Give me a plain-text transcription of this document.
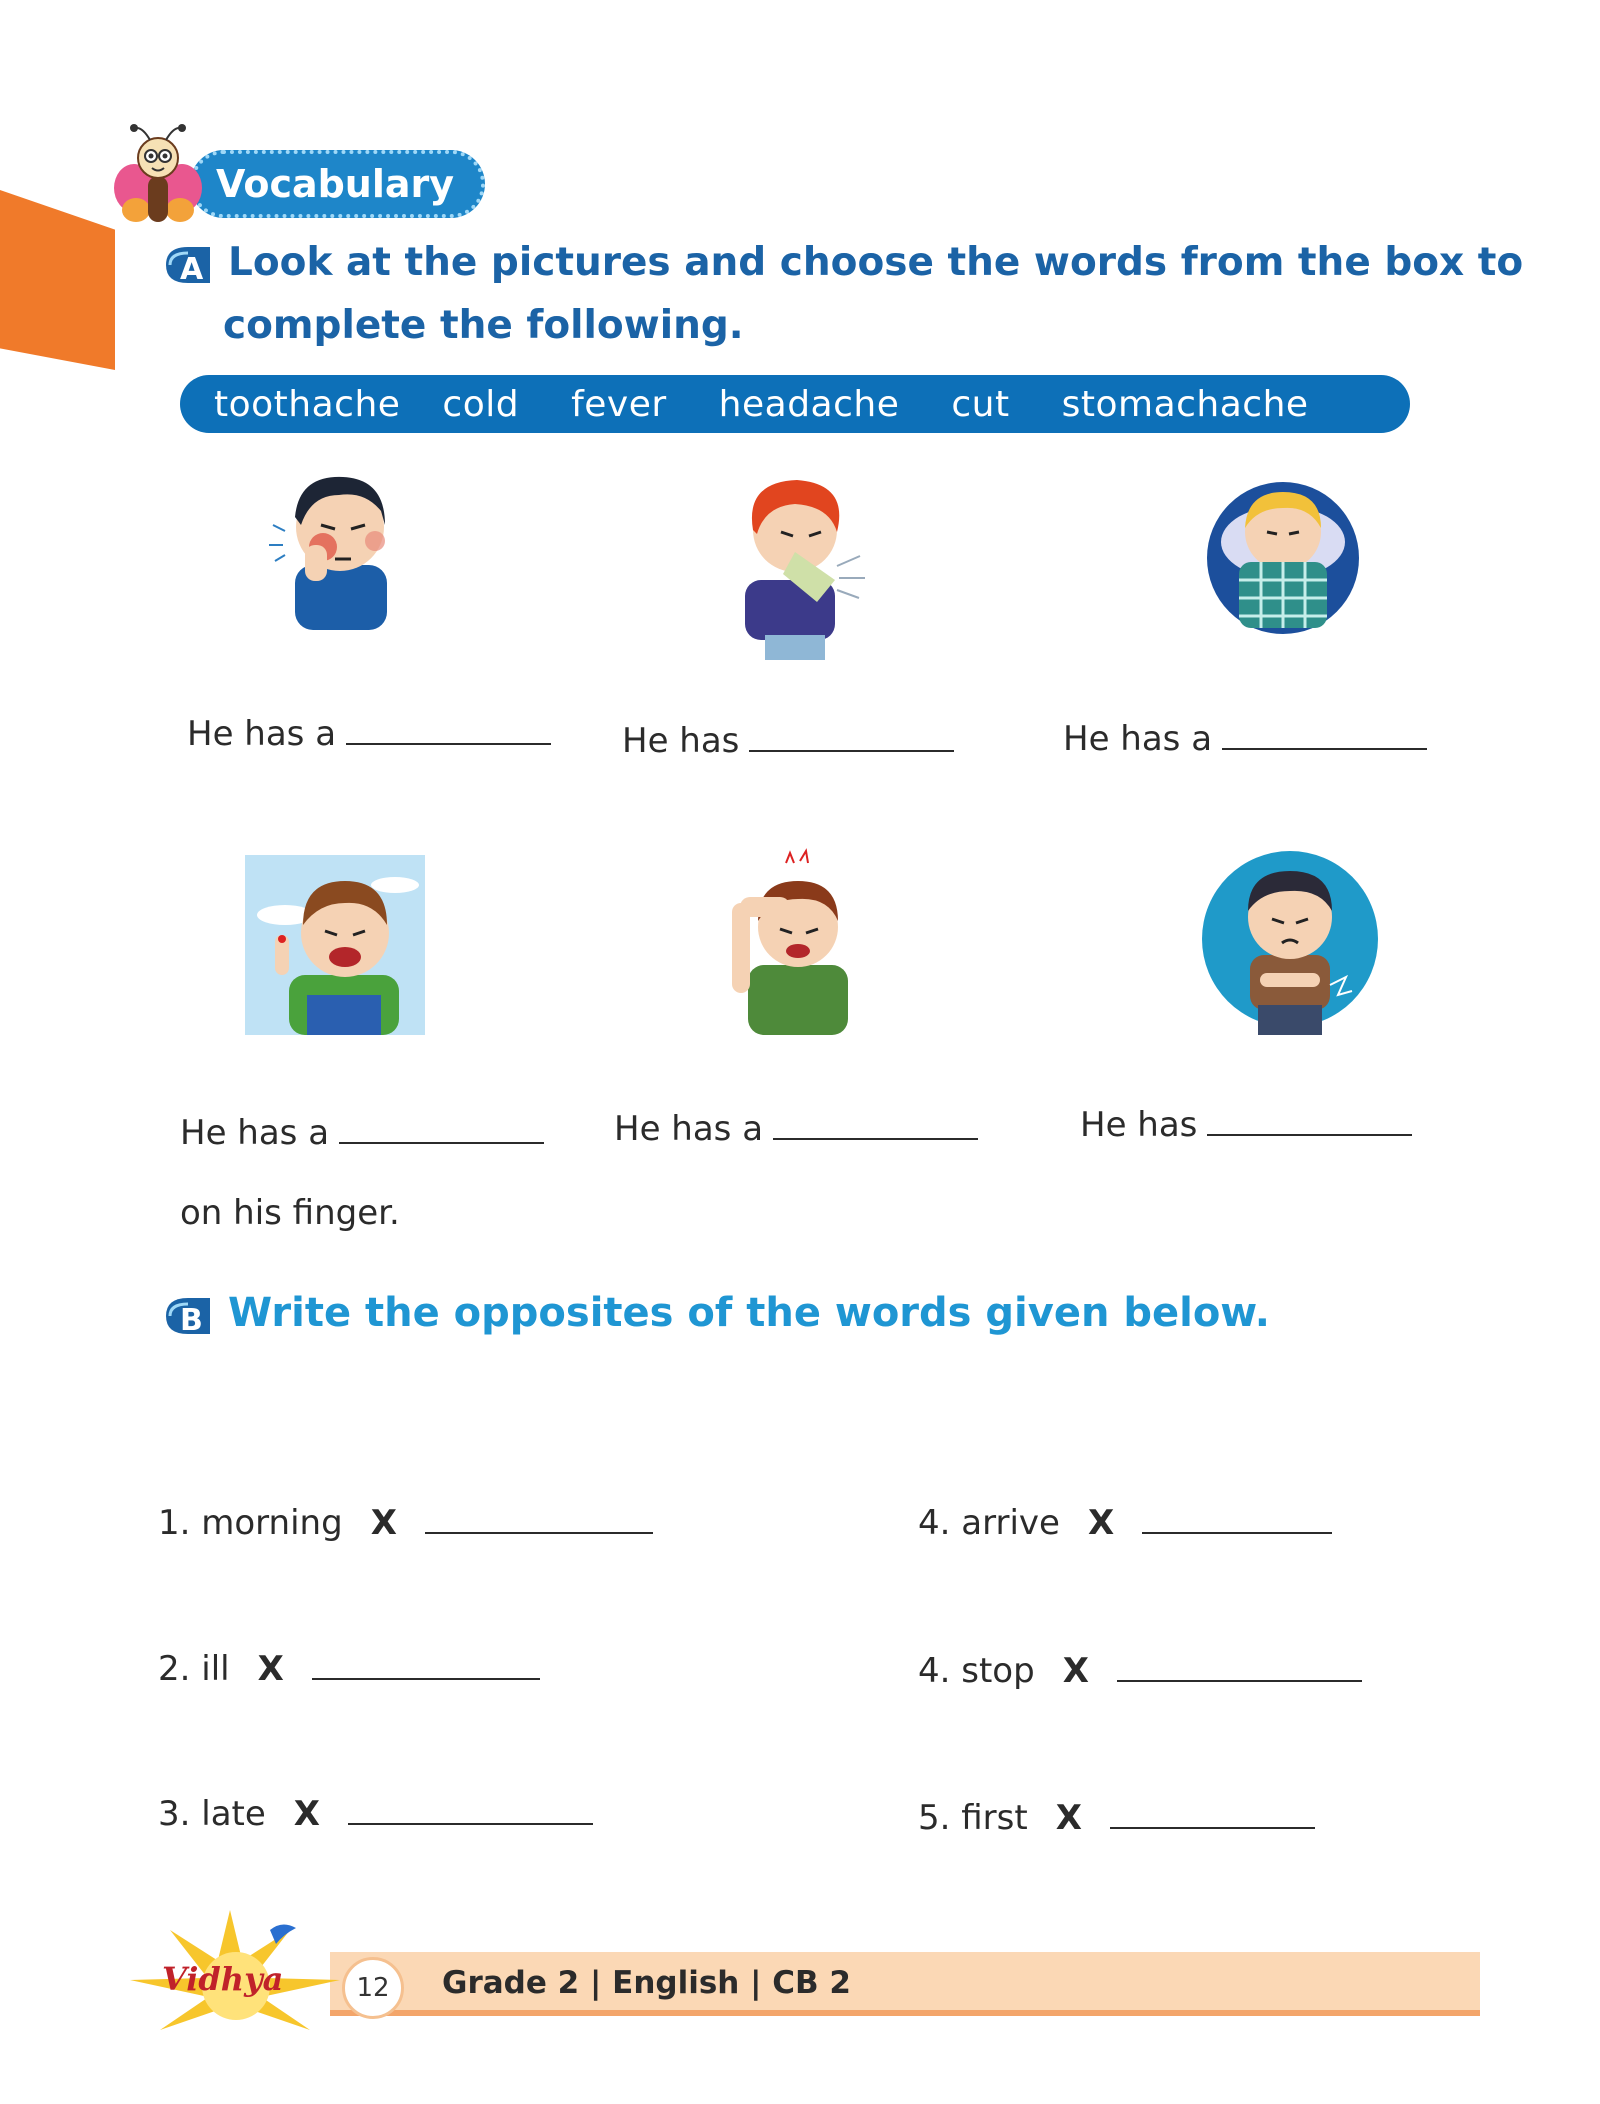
Vocabulary
A Look at the pictures and choose the words from the box to
complete the following.
toothache cold fever headache cut stomachache
He has a	He has	He has a
He has a
on his finger.
He has a	He has
B Write the opposites of the words given below.
1. morning X	4. arrive X
2. ill X	4. stop X
3. late X	5. first X
Vidhya	12	Grade 2 | English | CB 2
